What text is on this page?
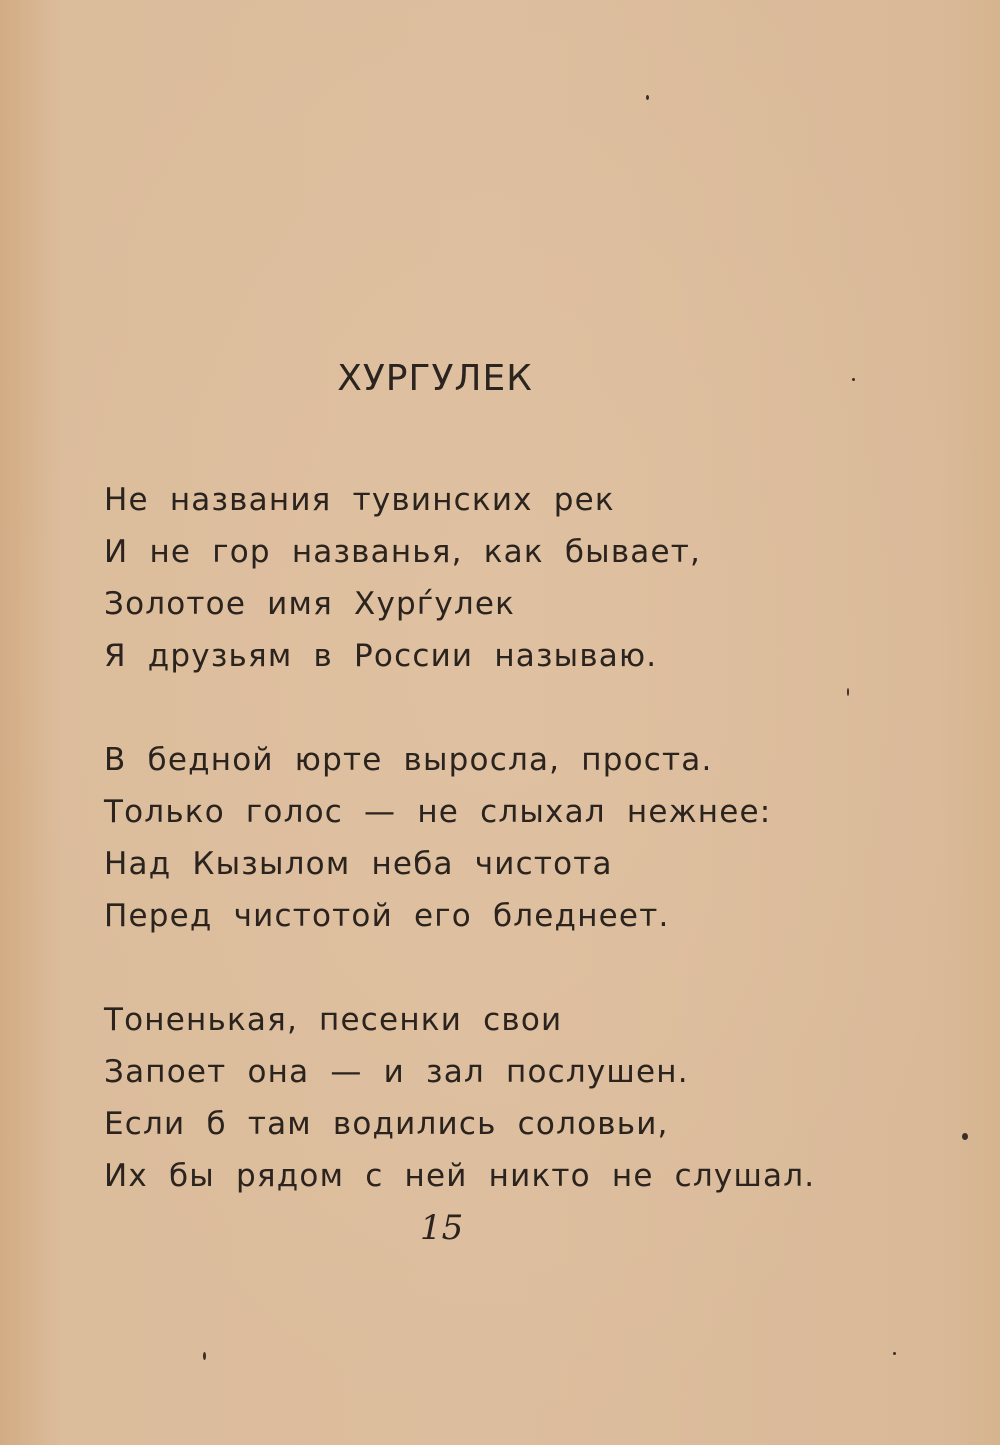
ХУРГУЛЕК
Не названия тувинских рек
И не гор названья, как бывает,
Золотое имя Хурѓулек
Я друзьям в России называю.
В бедной юрте выросла, проста.
Только голос — не слыхал нежнее:
Над Кызылом неба чистота
Перед чистотой его бледнеет.
Тоненькая, песенки свои
Запоет она — и зал послушен.
Если б там водились соловьи,
Их бы рядом с ней никто не слушал.
15
